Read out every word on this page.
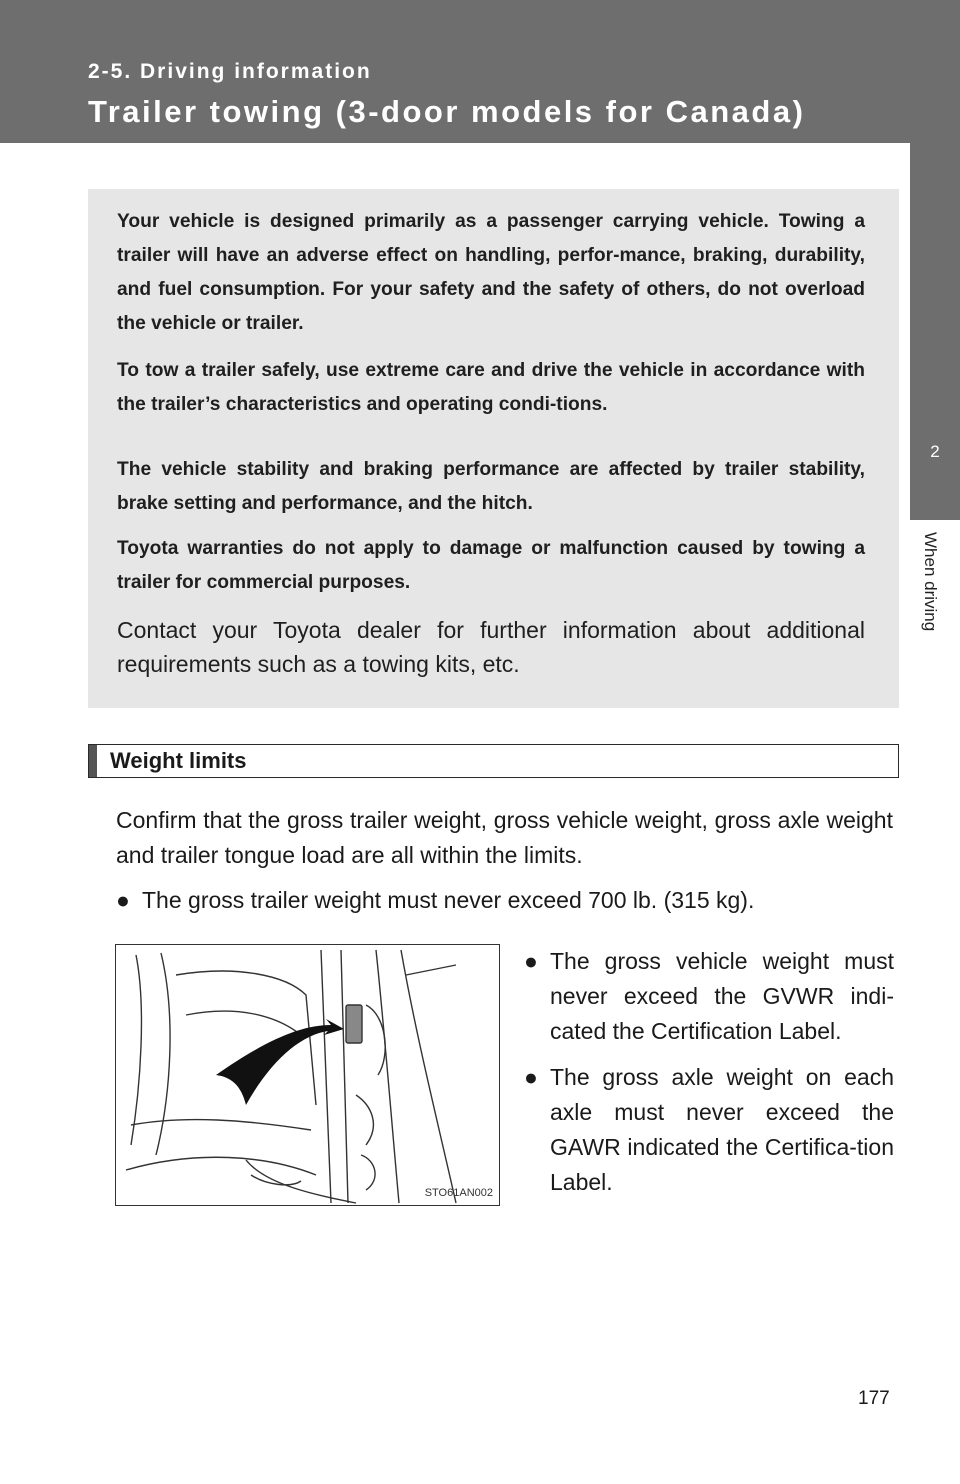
2-5. Driving information
Trailer towing (3-door models for Canada)
2
When driving

Your vehicle is designed primarily as a passenger carrying vehicle. Towing a trailer will have an adverse effect on handling, perfor-mance, braking, durability, and fuel consumption. For your safety and the safety of others, do not overload the vehicle or trailer.

To tow a trailer safely, use extreme care and drive the vehicle in accordance with the trailer’s characteristics and operating condi-tions.

The vehicle stability and braking performance are affected by trailer stability, brake setting and performance, and the hitch.

Toyota warranties do not apply to damage or malfunction caused by towing a trailer for commercial purposes.

Contact your Toyota dealer for further information about additional requirements such as a towing kits, etc.

Weight limits

Confirm that the gross trailer weight, gross vehicle weight, gross axle weight and trailer tongue load are all within the limits.

● The gross trailer weight must never exceed 700 lb. (315 kg).
STO61AN002
● The gross vehicle weight must never exceed the GVWR indi-cated the Certification Label.
● The gross axle weight on each axle must never exceed the GAWR indicated the Certifica-tion Label.
177
